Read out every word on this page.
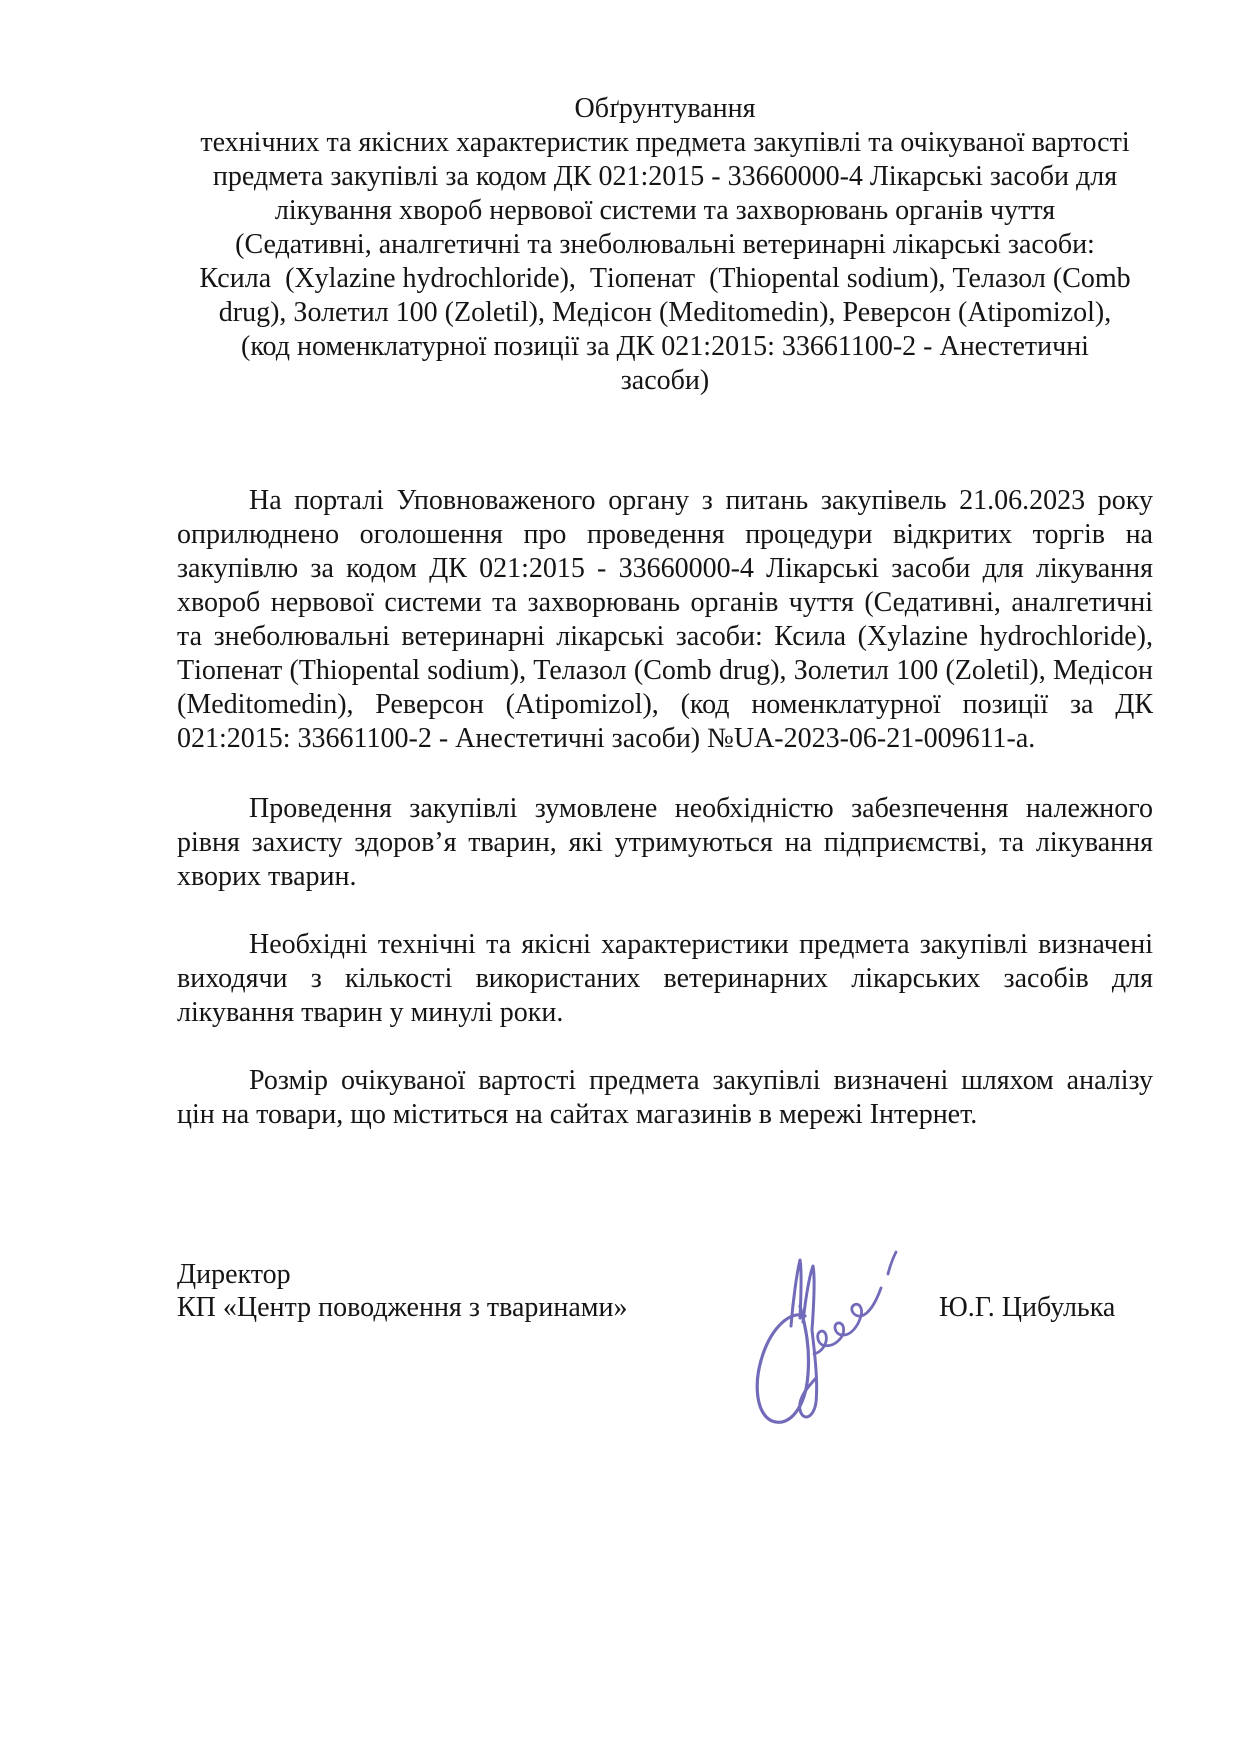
Обґрунтування
технічних та якісних характеристик предмета закупівлі та очікуваної вартості
предмета закупівлі за кодом ДК 021:2015 - 33660000-4 Лікарські засоби для
лікування хвороб нервової системи та захворювань органів чуття
(Седативні, аналгетичні та знеболювальні ветеринарні лікарські засоби:
Ксила  (Xylazine hydrochloride),  Тіопенат  (Thiopental sodium), Телазол (Comb
drug), Золетил 100 (Zoletil), Медісон (Meditomedin), Реверсон (Atipomizol),
(код номенклатурної позиції за ДК 021:2015: 33661100-2 - Анестетичні
засоби)

На порталі Уповноваженого органу з питань закупівель 21.06.2023 року оприлюднено оголошення про проведення процедури відкритих торгів на закупівлю за кодом ДК 021:2015 - 33660000-4 Лікарські засоби для лікування хвороб нервової системи та захворювань органів чуття (Седативні, аналгетичні та знеболювальні ветеринарні лікарські засоби: Ксила (Xylazine hydrochloride), Тіопенат (Thiopental sodium), Телазол (Comb drug), Золетил 100 (Zoletil), Медісон (Meditomedin), Реверсон (Atipomizol), (код номенклатурної позиції за ДК 021:2015: 33661100-2 - Анестетичні засоби) №UA-2023-06-21-009611-а.

Проведення закупівлі зумовлене необхідністю забезпечення належного рівня захисту здоров’я тварин, які утримуються на підприємстві, та лікування хворих тварин.

Необхідні технічні та якісні характеристики предмета закупівлі визначені виходячи з кількості використаних ветеринарних лікарських засобів для лікування тварин у минулі роки.

Розмір очікуваної вартості предмета закупівлі визначені шляхом аналізу цін на товари, що міститься на сайтах магазинів в мережі Інтернет.

Директор
КП «Центр поводження з тваринами»	Ю.Г. Цибулька
